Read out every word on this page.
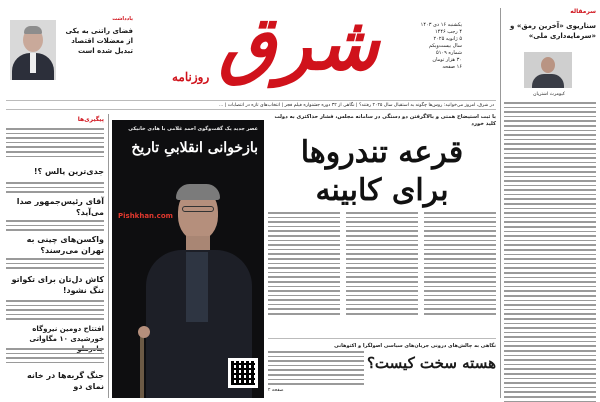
یادداشت
فضای راتنی به یکی از معضلات اقتصاد تبدیل شده است شرق
روزنامه
یکشنبه ۱۶ دی ۱۴۰۳
۴ رجب ۱۴۴۶
۵ ژانویه ۲۰۲۵
سال بیست‌ویکم
شماره ۵۱۰۹
۳۰ هزار تومان
۱۶ صفحه
در شرق، امروز می‌خوانید: روس‌ها چگونه به استقبال سال ۲۰۲۵ رفتند؟ | نگاهی از ۳۲ دوره جشنواره فیلم فجر | انتخاب‌های تازه در انتصابات | ...
سرمقاله
سناریوی «آخرین رمق» و «سرمایه‌داری ملی»
کیومرث اشتریان
با ثبت استیضاح همتی و بالاگرفتن دو دستگی در سامانه مجلس، فشار حداکثری به دولت کلید خورد
قرعه تندروها
برای کابینه
نگاهی به چالش‌های درونی جریان‌های سیاسی اصولگرا و اکثوهانی
هسته سخت کیست؟
صفحه ۲
عصر جدید یک گفت‌وگوی احمد غلامی با هادی خانیکی
بازخوانی انقلابیِ تاریخ
Pishkhan.com
پیگیری‌ها
جدی‌ترین یالس ؟!
آقای رئیس‌جمهور صدا می‌آید؟
واکسن‌های چینی به تهران می‌رسند؟
کاش دل‌تان برای تکواتو تنگ نشود!
افتتاح دومین نیروگاه خورشیدی ۱۰ مگاواتی
جنگ گربه‌ها در خانه نمای دو
